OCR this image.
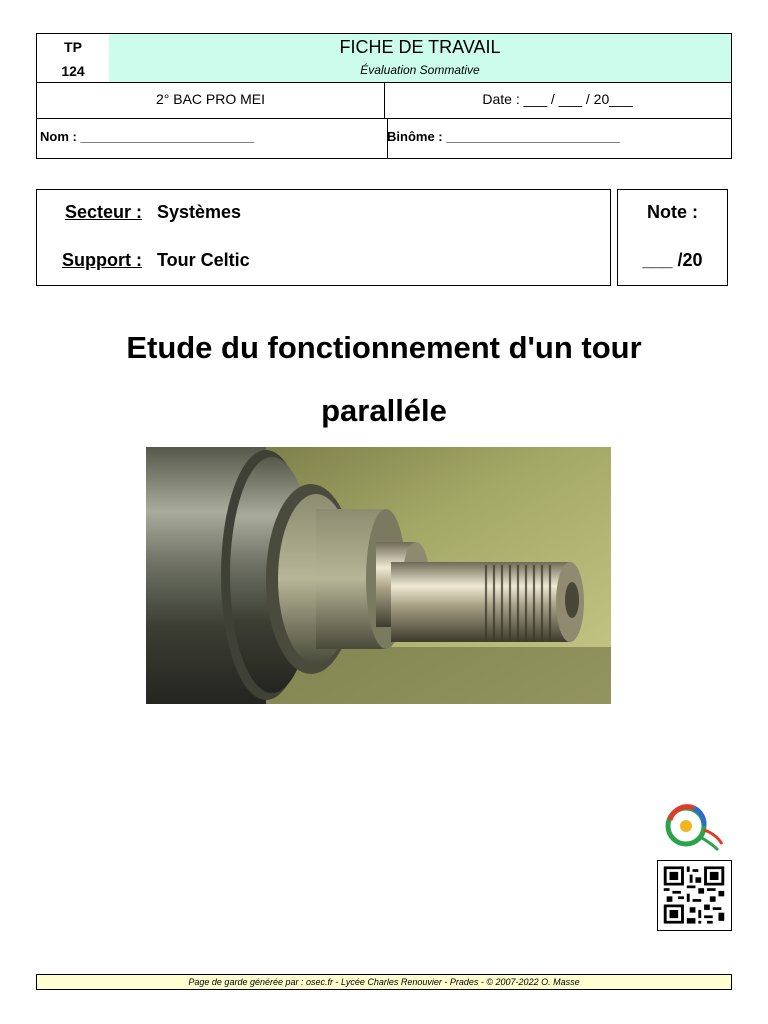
TP
124
FICHE DE TRAVAIL
Évaluation Sommative
2° BAC PRO MEI	Date : ___ / ___ / 20___
Nom : ________________________	Binôme : ________________________
Secteur : Systèmes
Support : Tour Celtic
Note :
___ /20
Etude du fonctionnement d'un tour
paralléle
Page de garde générée par : osec.fr - Lycée Charles Renouvier - Prades - © 2007-2022 O. Masse
